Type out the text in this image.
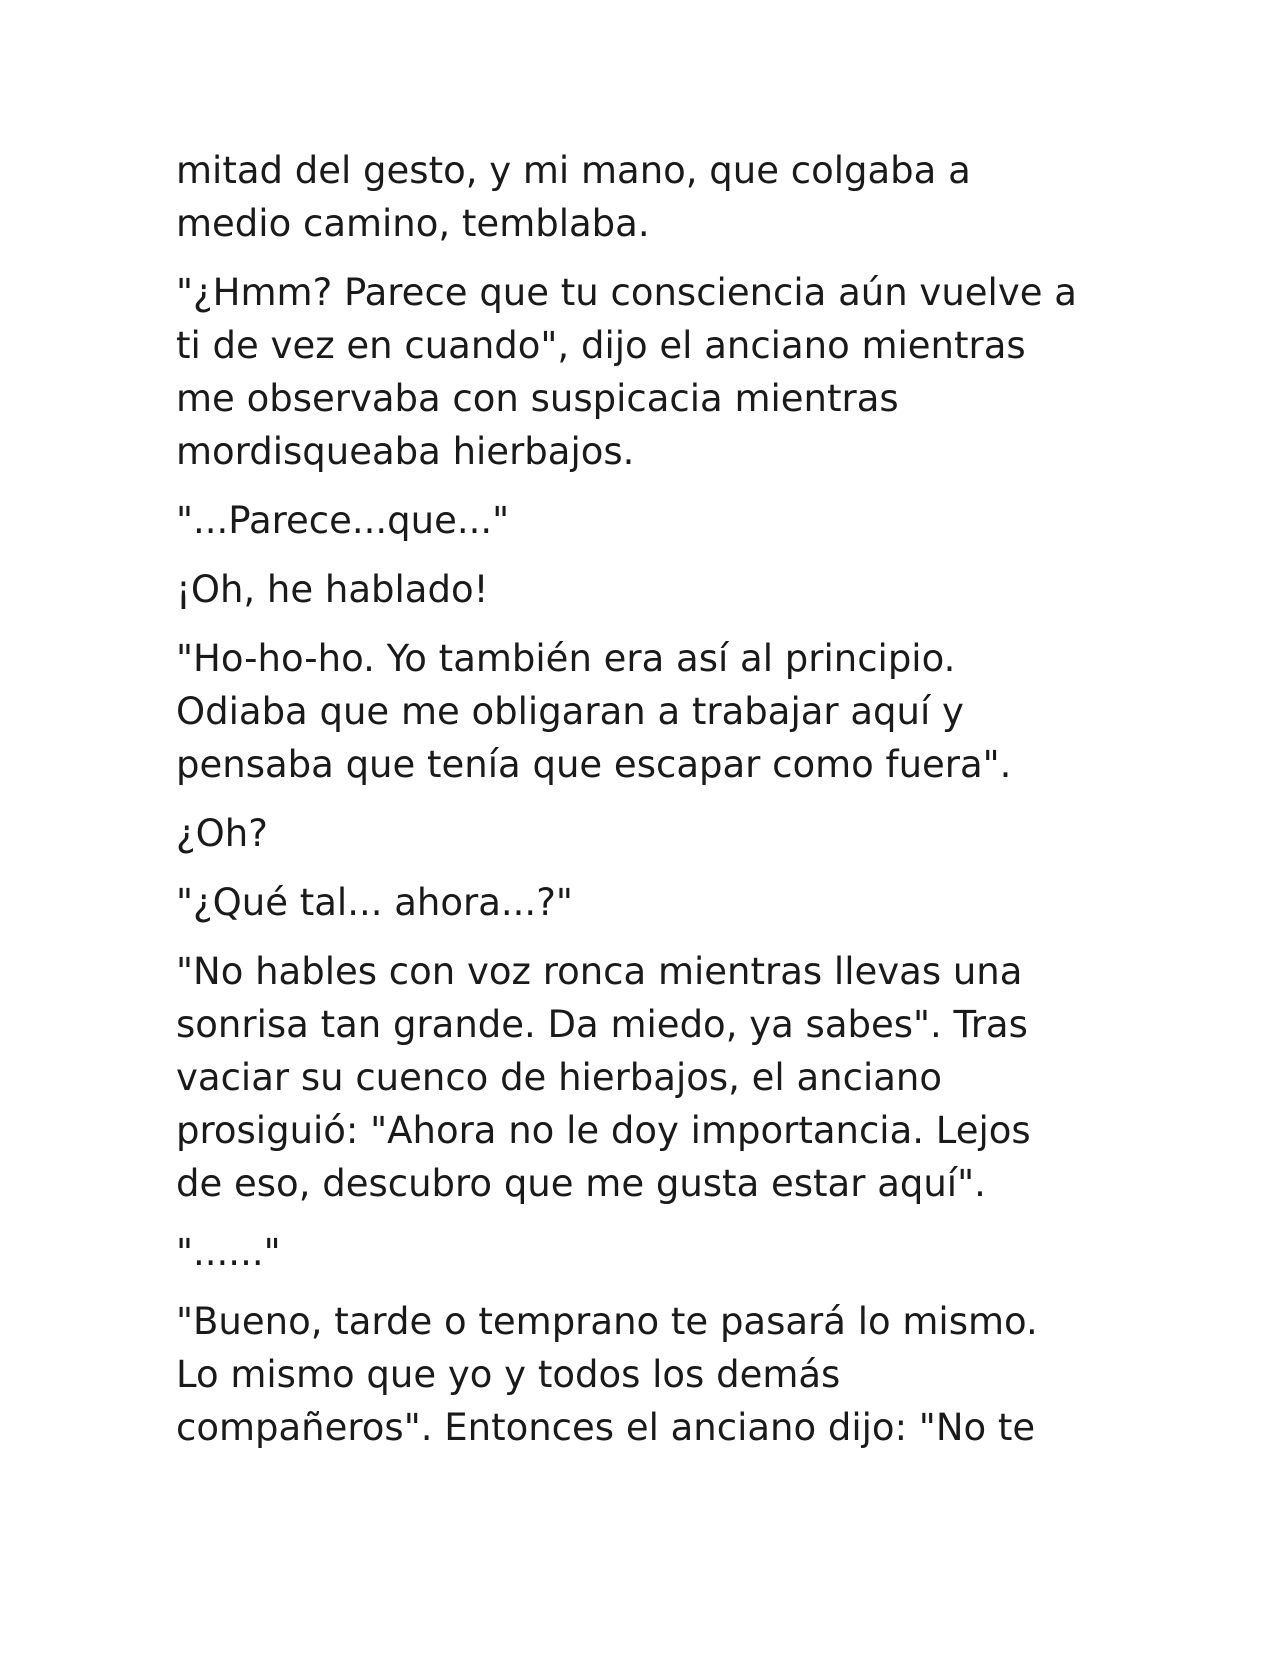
mitad del gesto, y mi mano, que colgaba a
medio camino, temblaba.

"¿Hmm? Parece que tu consciencia aún vuelve a
ti de vez en cuando", dijo el anciano mientras
me observaba con suspicacia mientras
mordisqueaba hierbajos.

"...Parece...que..."

¡Oh, he hablado!

"Ho-ho-ho. Yo también era así al principio.
Odiaba que me obligaran a trabajar aquí y
pensaba que tenía que escapar como fuera".

¿Oh?

"¿Qué tal... ahora...?"

"No hables con voz ronca mientras llevas una
sonrisa tan grande. Da miedo, ya sabes". Tras
vaciar su cuenco de hierbajos, el anciano
prosiguió: "Ahora no le doy importancia. Lejos
de eso, descubro que me gusta estar aquí".

"......"

"Bueno, tarde o temprano te pasará lo mismo.
Lo mismo que yo y todos los demás
compañeros". Entonces el anciano dijo: "No te
